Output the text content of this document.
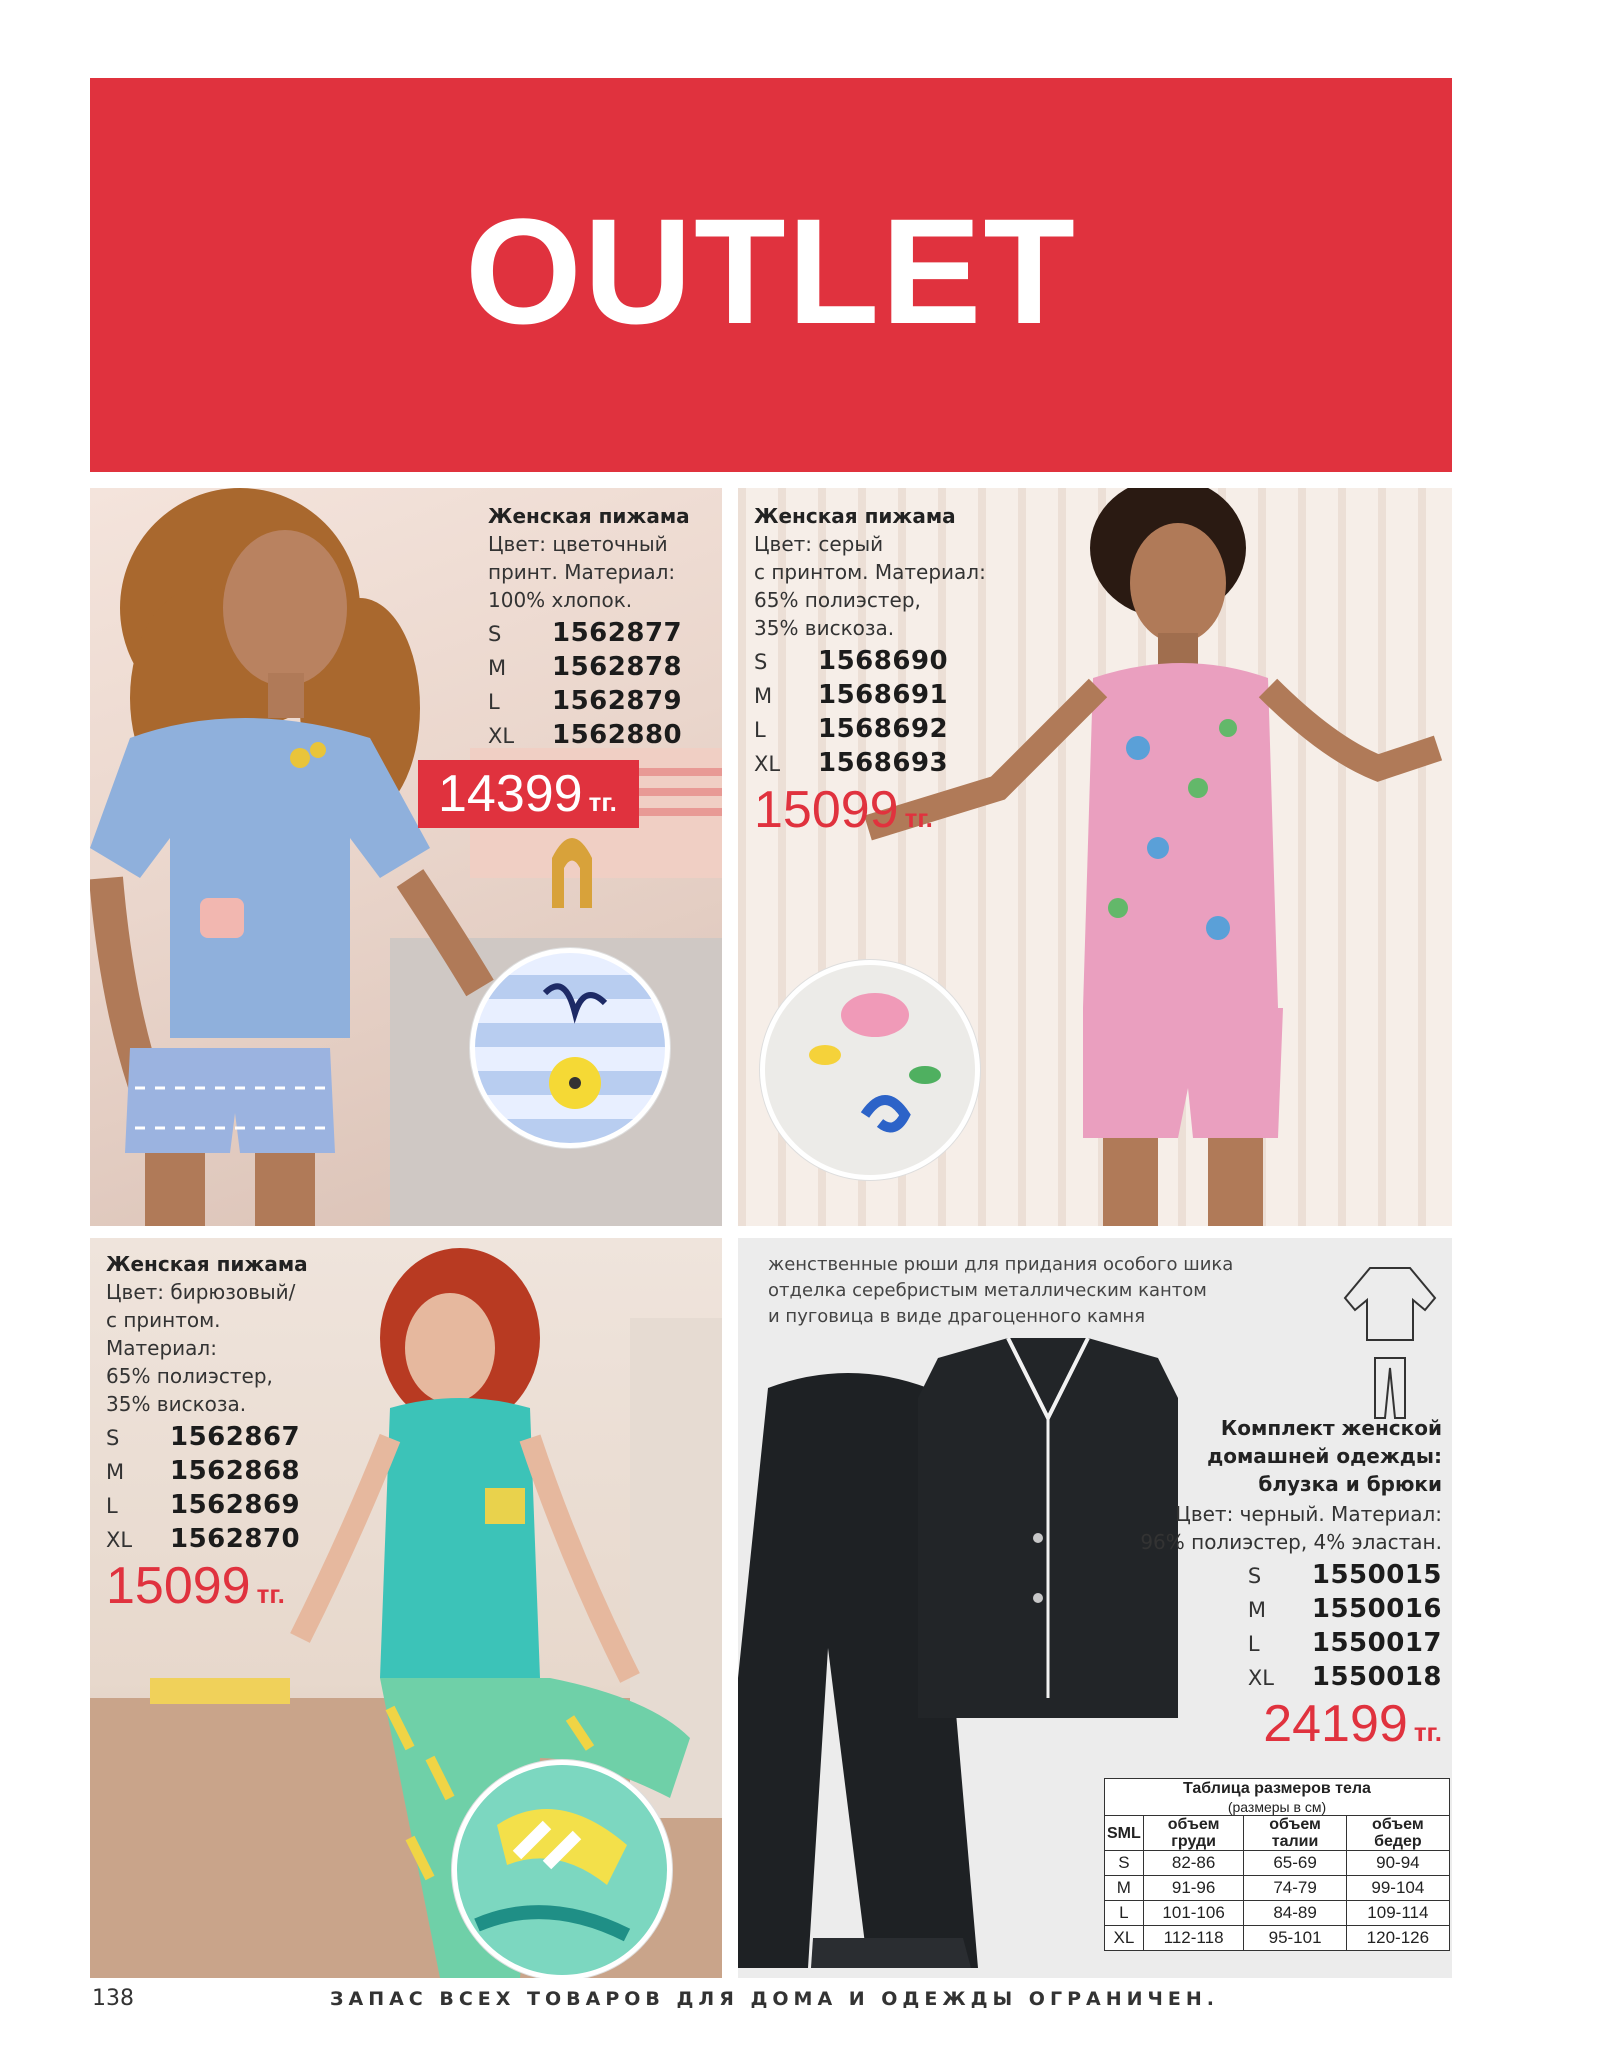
OUTLET
Женская пижама
Цвет: цветочный
принт. Материал:
100% хлопок.
S	1562877
M	1562878
L	1562879
XL	1562880
14399 тг.
Женская пижама
Цвет: серый
с принтом. Материал:
65% полиэстер,
35% вискоза.
S	1568690
M	1568691
L	1568692
XL	1568693
15099 тг.
Женская пижама
Цвет: бирюзовый/
с принтом.
Материал:
65% полиэстер,
35% вискоза.
S	1562867
M	1562868
L	1562869
XL	1562870
15099 тг.
Комплект женской
домашней одежды:
блузка и брюки
Цвет: черный. Материал:
96% полиэстер, 4% эластан.
S	1550015
M	1550016
L	1550017
XL	1550018
24199 тг.
женственные рюши для придания особого шика
отделка серебристым металлическим кантом
и пуговица в виде драгоценного камня
Таблица размеров тела			
(размеры в см)			
SML	объем груди	объем талии	объем бедер
S	82-86	65-69	90-94
M	91-96	74-79	99-104
L	101-106	84-89	109-114
XL	112-118	95-101	120-126
138	ЗАПАС ВСЕХ ТОВАРОВ ДЛЯ ДОМА И ОДЕЖДЫ ОГРАНИЧЕН.
